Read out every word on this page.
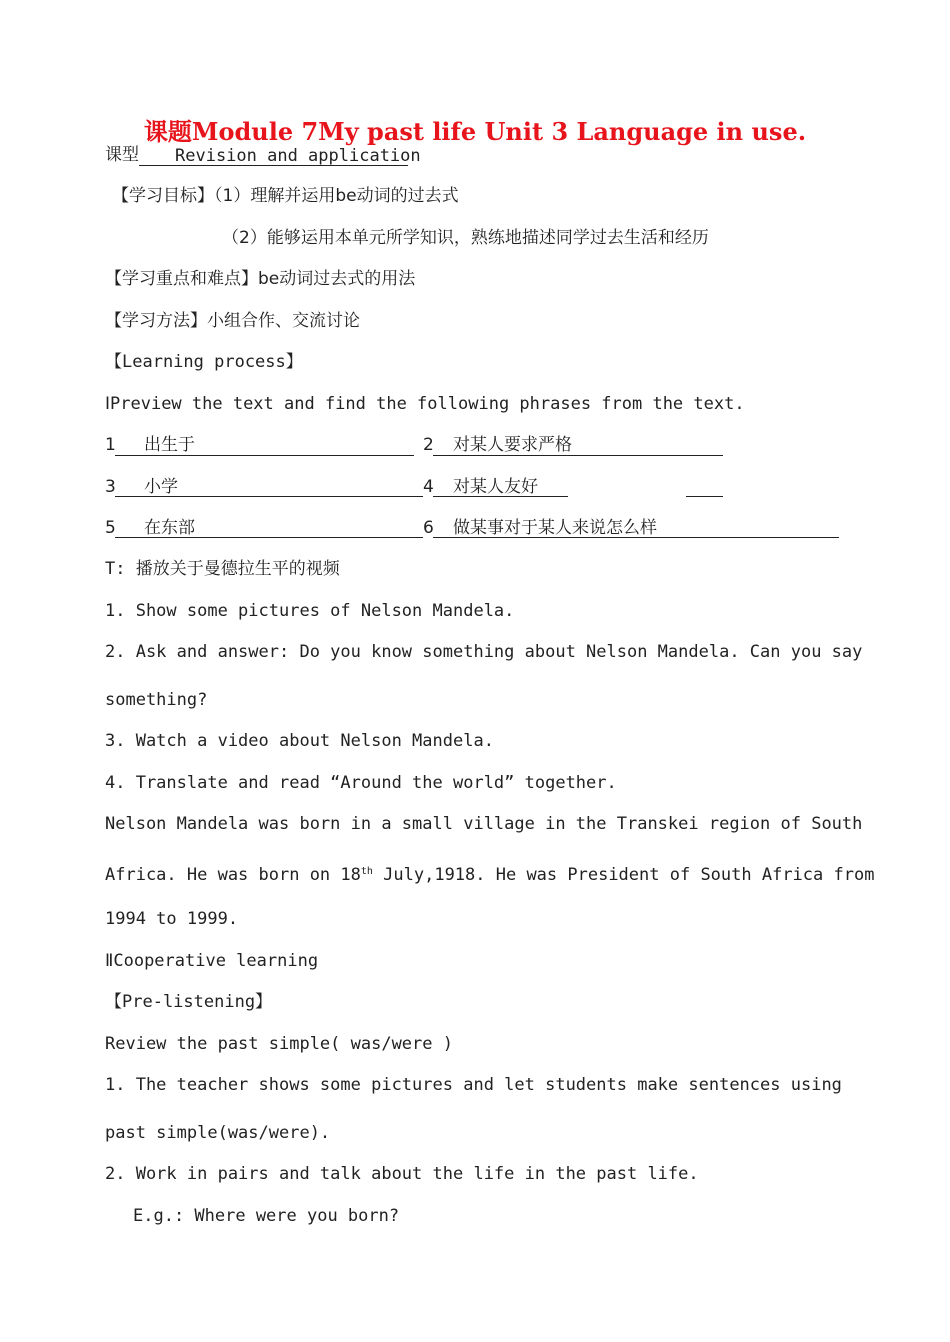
课题Module 7My past life Unit 3 Language in use.
课型 Revision and application
【学习目标】（1）理解并运用be动词的过去式
（2）能够运用本单元所学知识，熟练地描述同学过去生活和经历
【学习重点和难点】be动词过去式的用法
【学习方法】小组合作、交流讨论
【Learning process】
ⅠPreview the text and find the following phrases from the text.
1 出生于	2 对某人要求严格
3 小学	4 对某人友好
5 在东部	6 做某事对于某人来说怎么样
T: 播放关于曼德拉生平的视频
1. Show some pictures of Nelson Mandela.
2. Ask and answer: Do you know something about Nelson Mandela. Can you say
something?
3. Watch a video about Nelson Mandela.
4. Translate and read “Around the world” together.
Nelson Mandela was born in a small village in the Transkei region of South
Africa. He was born on 18th July,1918. He was President of South Africa from
1994 to 1999.
ⅡCooperative learning
【Pre-listening】
Review the past simple( was/were )
1. The teacher shows some pictures and let students make sentences using
past simple(was/were).
2. Work in pairs and talk about the life in the past life.
E.g.: Where were you born?
